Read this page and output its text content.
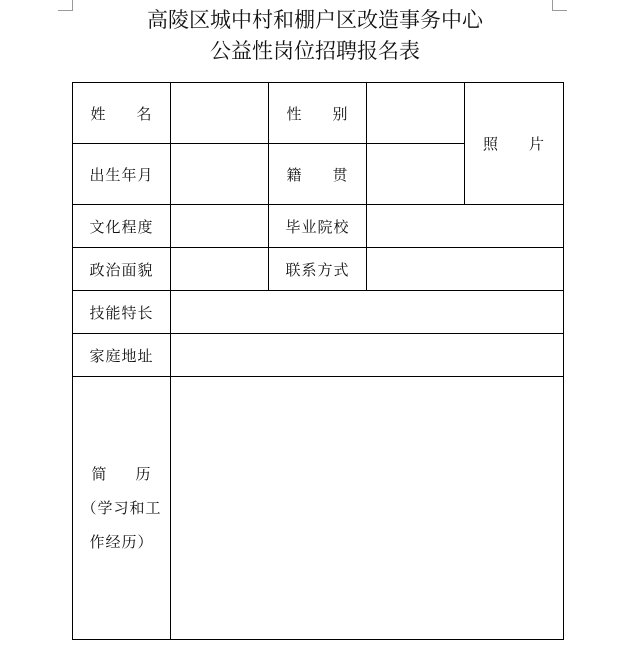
高陵区城中村和棚户区改造事务中心
公益性岗位招聘报名表
姓 名		性 别		照 片
出生年月		籍 贯		
文化程度		毕业院校		
政治面貌		联系方式		
技能特长				
家庭地址				

简 历
（学习和工
作经历）				
